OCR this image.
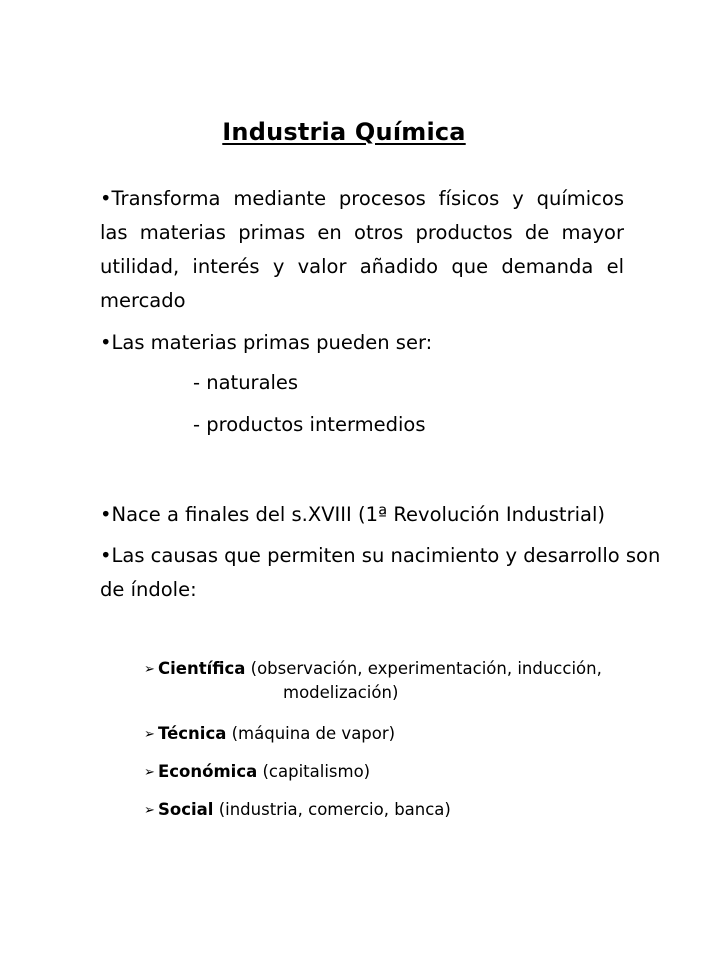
Industria Química
•Transforma mediante procesos físicos y químicos las materias primas en otros productos de mayor utilidad, interés y valor añadido que demanda el mercado
•Las materias primas pueden ser:
- naturales
- productos intermedios
•Nace a finales del s.XVIII (1ª Revolución Industrial)
•Las causas que permiten su nacimiento y desarrollo son de índole:
➢ Científica (observación, experimentación, inducción,
modelización)
➢ Técnica (máquina de vapor)
➢ Económica (capitalismo)
➢ Social (industria, comercio, banca)
